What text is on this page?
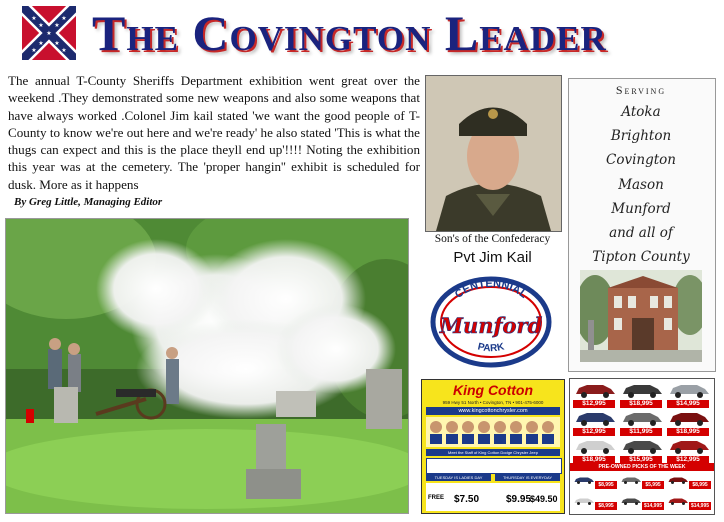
★
★
★
★
★
★
★
★
★ The Covington Leader
The annual T-County Sheriffs Department exhibition went great over the weekend .They demonstrated some new weapons and also some weapons that have always worked .Colonel Jim kail stated 'we want the good people of T-County to know we're out here and we're ready' he also stated 'This is what the thugs can expect and this is the place theyll end up'!!!! Noting the exhibition this year was at the cemetery. The 'proper hangin'' exhibit is scheduled for dusk. More as it happens
By Greg Little, Managing Editor
Son's of the Confederacy
Pvt Jim Kail
CENTENNIAL
Munford
PARK
Serving
Atoka
Brighton
Covington
Mason
Munford
and all of
Tipton County
King Cotton
959 Hwy 51 North • Covington, TN • 901-475-6000
www.kingcottonchrysler.com
Meet the Staff of King Cotton Dodge Chrysler Jeep
TUESDAY IS LADIES DAY	THURSDAY IS EVERYDAY
FREE $7.50	$9.95
$49.50
$12,995	$18,995	$14,995
$12,995	$11,995	$18,995
$18,995	$15,995	$12,995
PRE-OWNED PICKS OF THE WEEK
$8,995	$5,995	$8,995
$8,995	$14,995	$14,995
